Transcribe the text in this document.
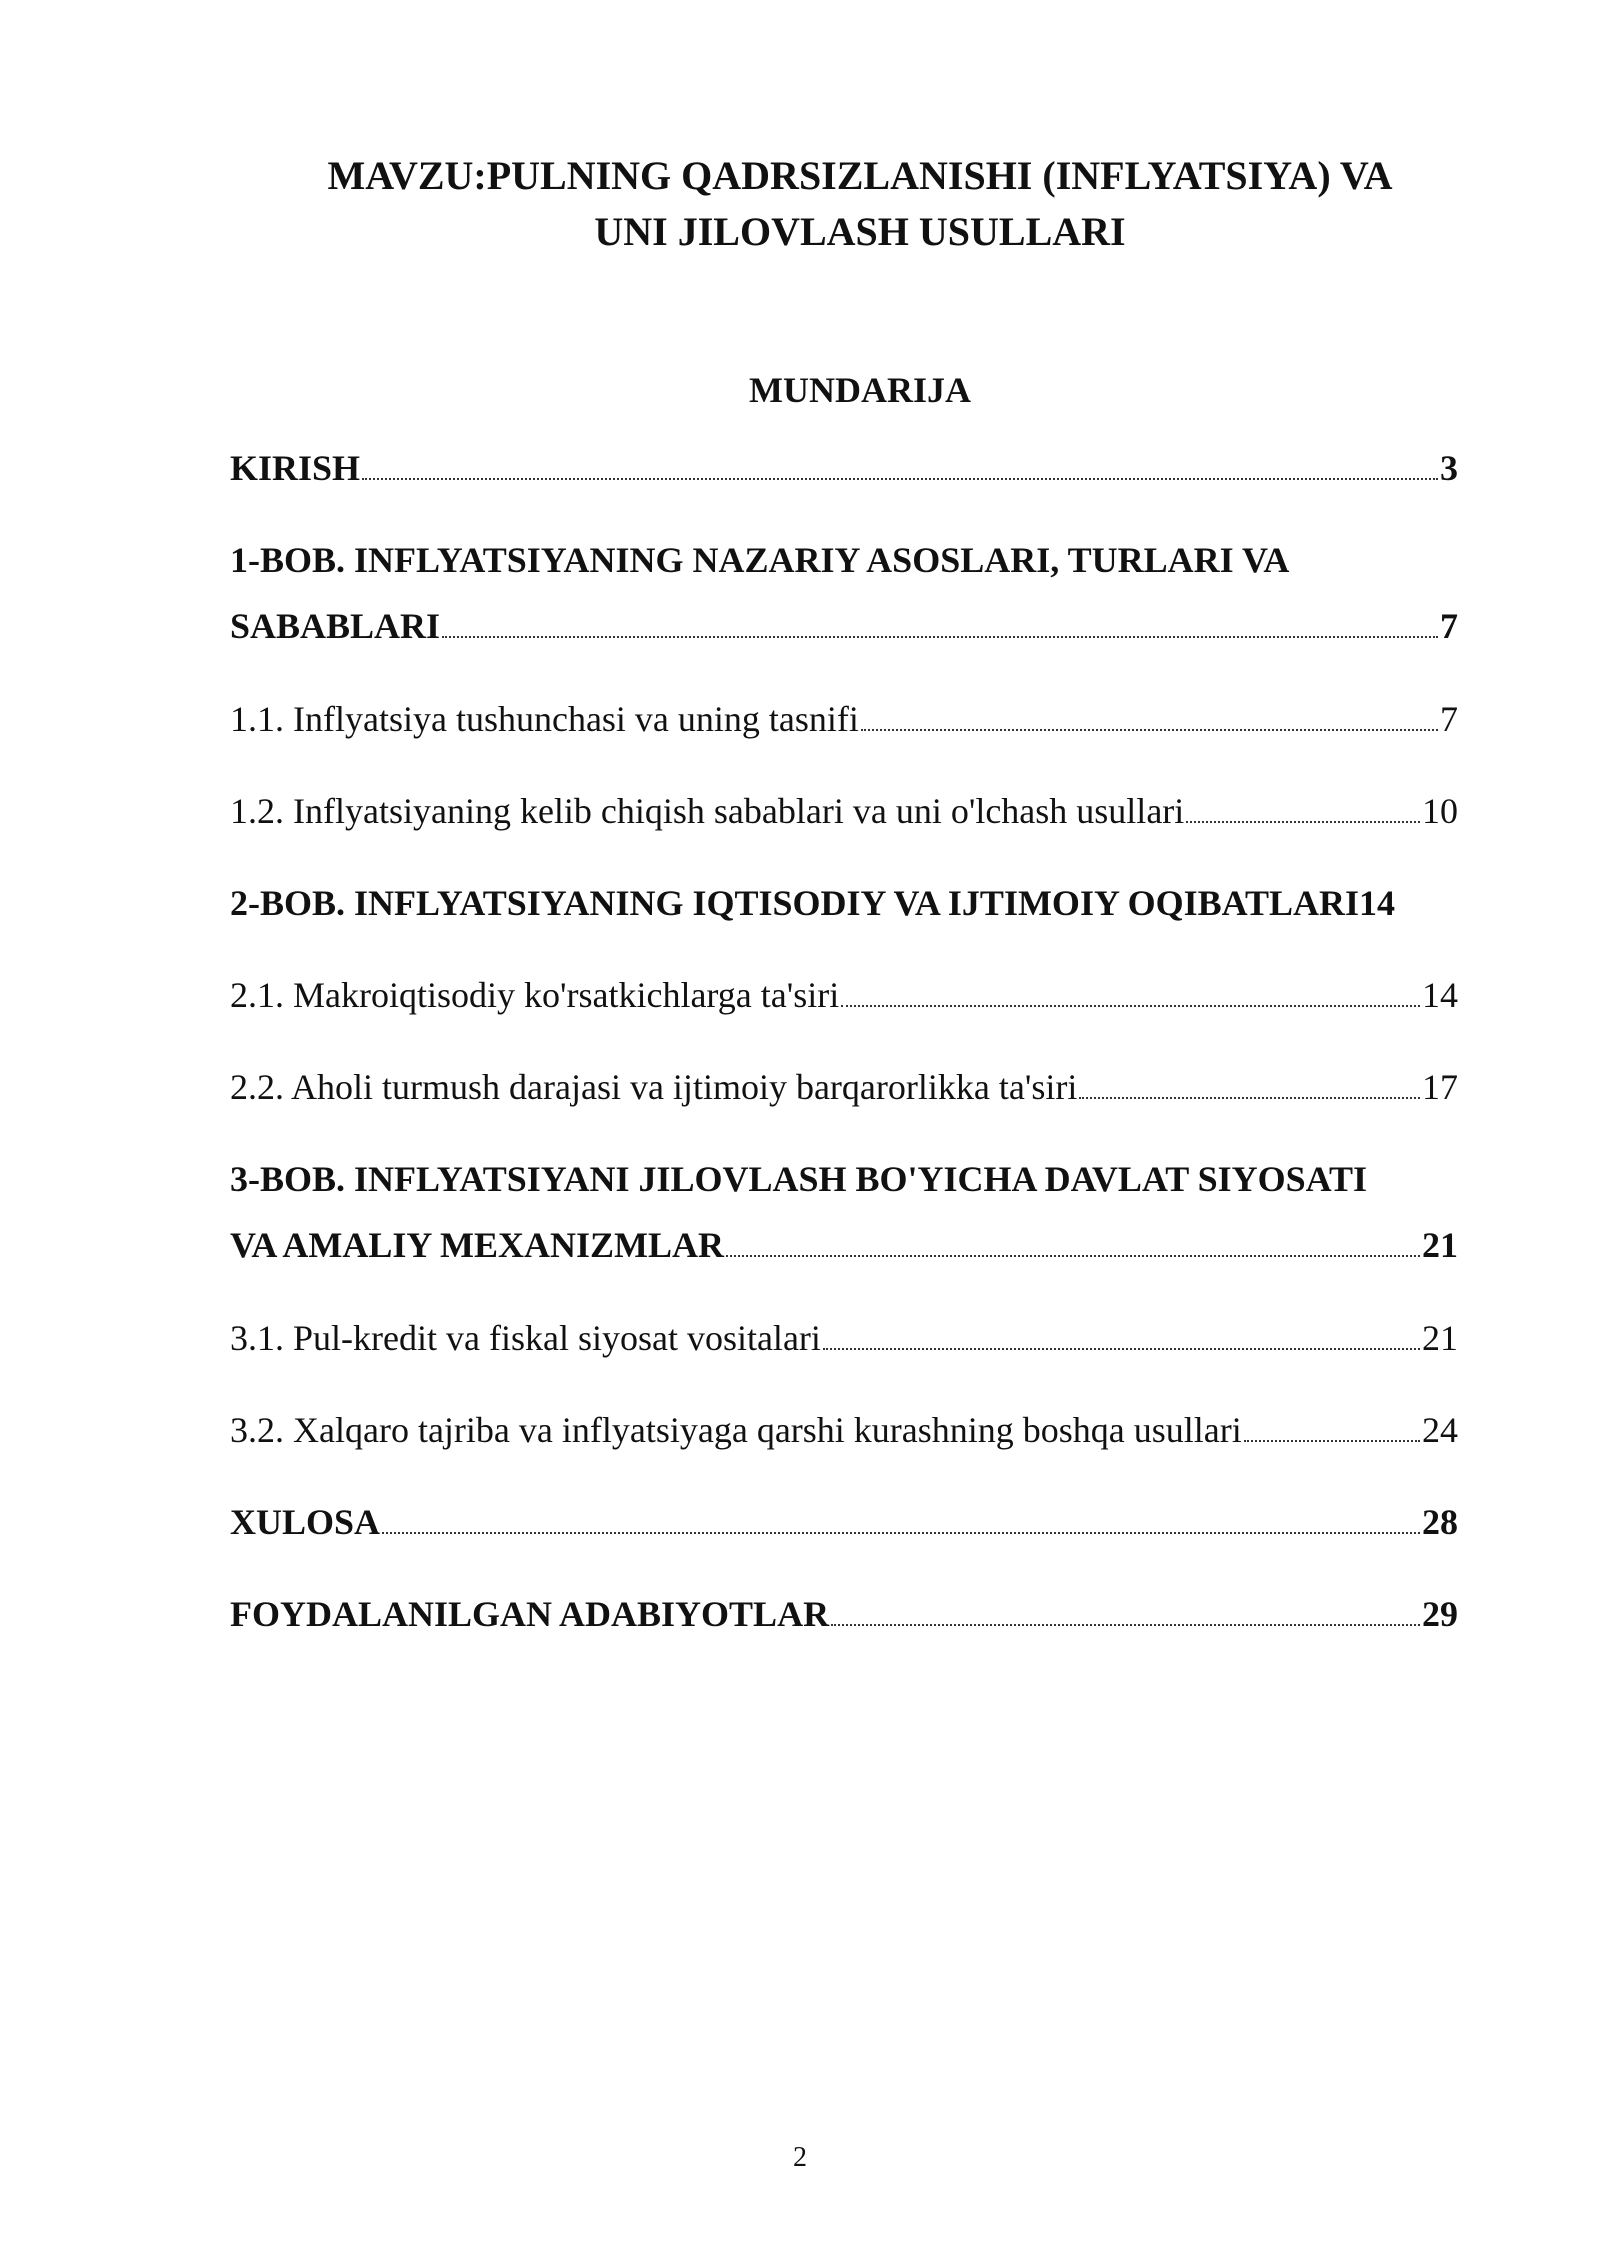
MAVZU:PULNING QADRSIZLANISHI (INFLYATSIYA) VA
UNI JILOVLASH USULLARI
MUNDARIJA
KIRISH	3
1-BOB. INFLYATSIYANING NAZARIY ASOSLARI, TURLARI VA
SABABLARI	7
1.1. Inflyatsiya tushunchasi va uning tasnifi	7
1.2. Inflyatsiyaning kelib chiqish sabablari va uni o'lchash usullari	10
2-BOB. INFLYATSIYANING IQTISODIY VA IJTIMOIY OQIBATLARI 14
2.1. Makroiqtisodiy ko'rsatkichlarga ta'siri	14
2.2. Aholi turmush darajasi va ijtimoiy barqarorlikka ta'siri	17
3-BOB. INFLYATSIYANI JILOVLASH BO'YICHA DAVLAT SIYOSATI
VA AMALIY MEXANIZMLAR	21
3.1. Pul-kredit va fiskal siyosat vositalari	21
3.2. Xalqaro tajriba va inflyatsiyaga qarshi kurashning boshqa usullari	24
XULOSA	28
FOYDALANILGAN ADABIYOTLAR	29
2
